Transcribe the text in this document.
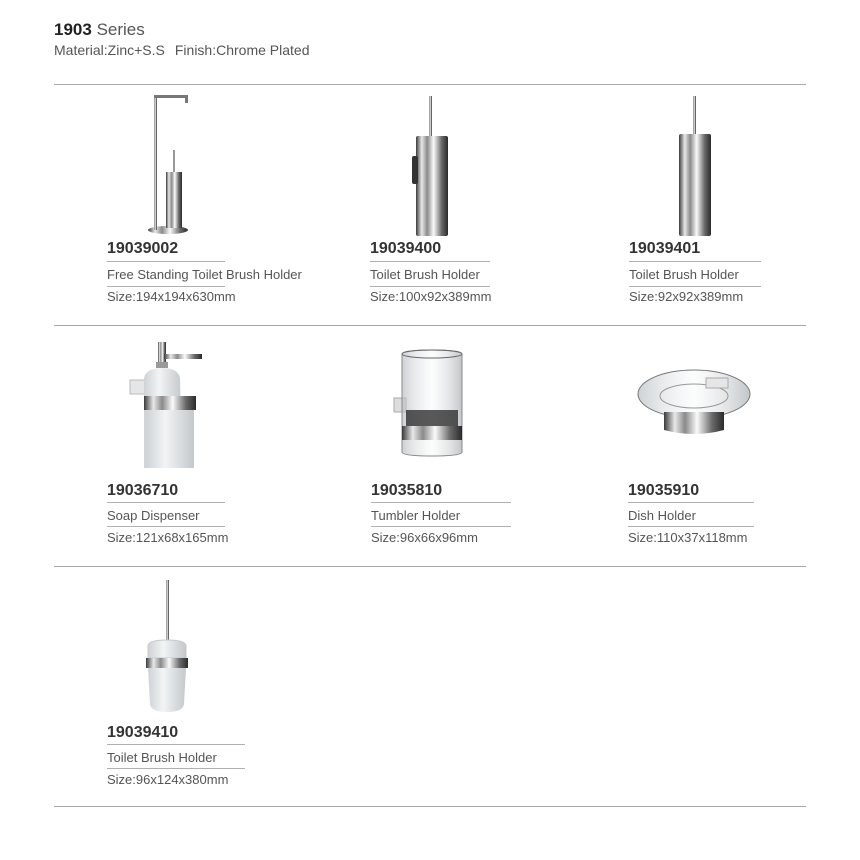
1903 Series
Material:Zinc+S.S Finish:Chrome Plated
19039002
Free Standing Toilet Brush Holder
Size:194x194x630mm
19039400
Toilet Brush Holder
Size:100x92x389mm
19039401
Toilet Brush Holder
Size:92x92x389mm
19036710
Soap Dispenser
Size:121x68x165mm
19035810
Tumbler Holder
Size:96x66x96mm
19035910
Dish Holder
Size:110x37x118mm
19039410
Toilet Brush Holder
Size:96x124x380mm
